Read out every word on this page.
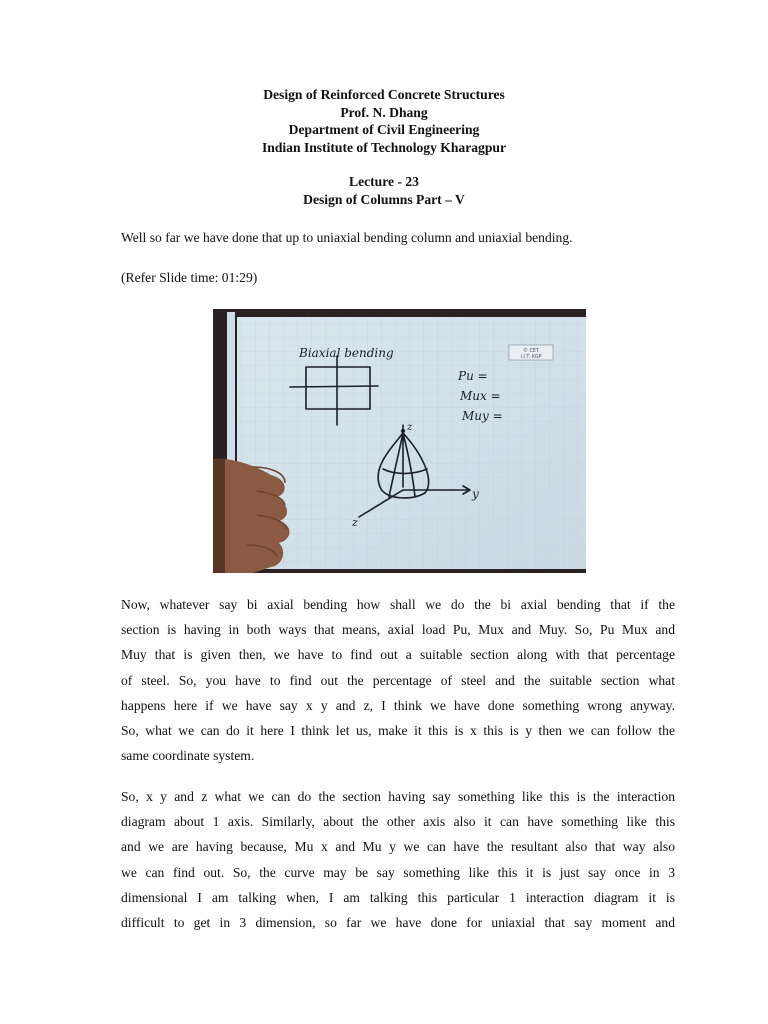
Design of Reinforced Concrete Structures
Prof. N. Dhang
Department of Civil Engineering
Indian Institute of Technology Kharagpur
Lecture - 23
Design of Columns Part – V
Well so far we have done that up to uniaxial bending column and uniaxial bending.
(Refer Slide time: 01:29)
© CET
I.I.T. KGP
Biaxial bending
Pu =
Mux =
Muy =
z
y
z
Now, whatever say bi axial bending how shall we do the bi axial bending that if the
section is having in both ways that means, axial load Pu, Mux and Muy. So, Pu Mux and
Muy that is given then, we have to find out a suitable section along with that percentage
of steel. So, you have to find out the percentage of steel and the suitable section what
happens here if we have say x y and z, I think we have done something wrong anyway.
So, what we can do it here I think let us, make it this is x this is y then we can follow the
same coordinate system.
So, x y and z what we can do the section having say something like this is the interaction
diagram about 1 axis. Similarly, about the other axis also it can have something like this
and we are having because, Mu x and Mu y we can have the resultant also that way also
we can find out. So, the curve may be say something like this it is just say once in 3
dimensional I am talking when, I am talking this particular 1 interaction diagram it is
difficult to get in 3 dimension, so far we have done for uniaxial that say moment and
